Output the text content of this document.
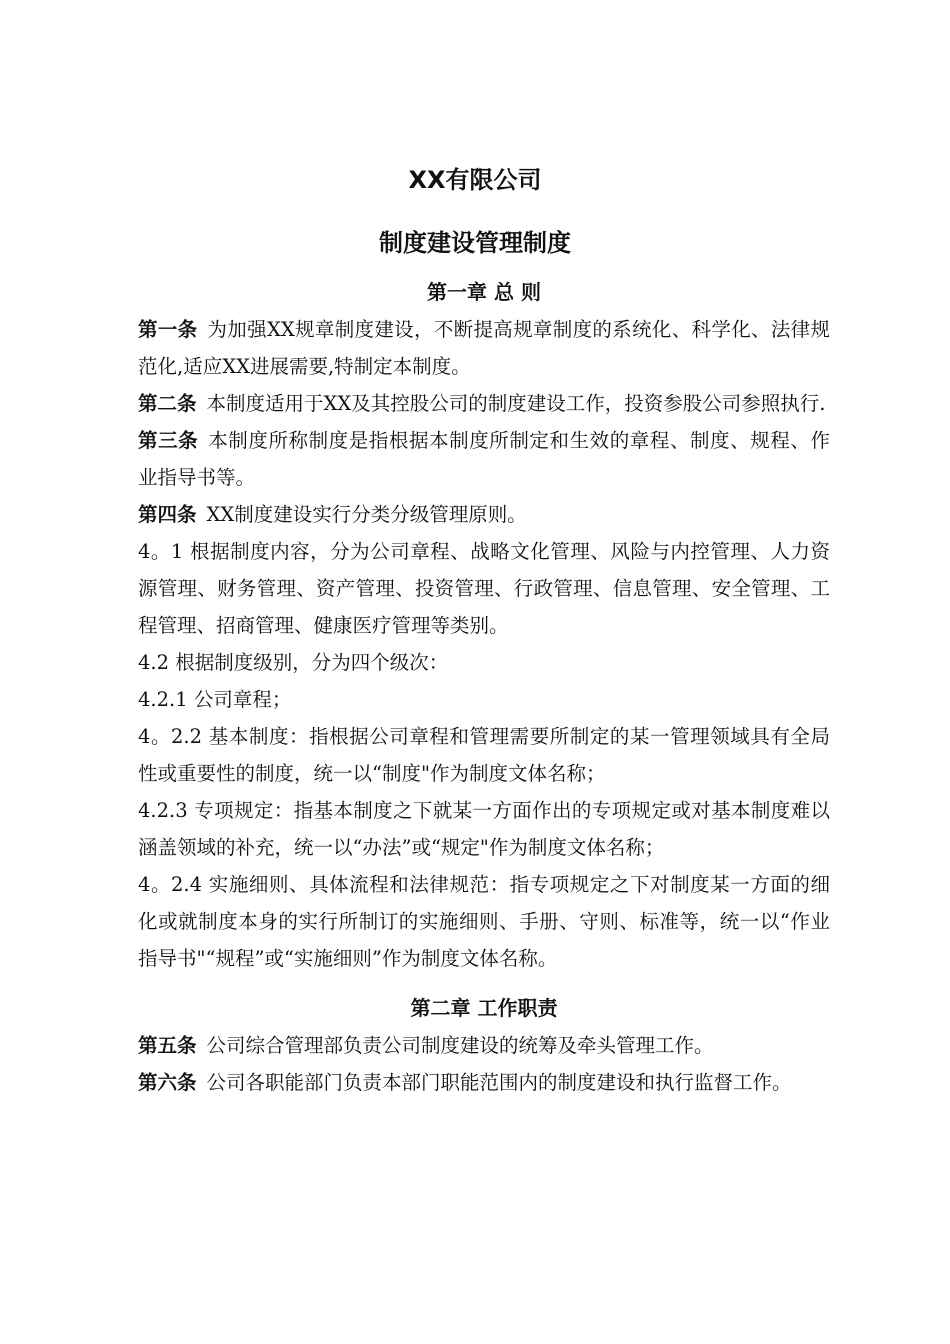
XX有限公司
制度建设管理制度
第一章 总 则

第一条 为加强XX规章制度建设，不断提高规章制度的系统化、科学化、法律规范化,适应XX进展需要,特制定本制度。

第二条 本制度适用于XX及其控股公司的制度建设工作，投资参股公司参照执行.

第三条 本制度所称制度是指根据本制度所制定和生效的章程、制度、规程、作业指导书等。

第四条 XX制度建设实行分类分级管理原则。

4。1 根据制度内容，分为公司章程、战略文化管理、风险与内控管理、人力资源管理、财务管理、资产管理、投资管理、行政管理、信息管理、安全管理、工程管理、招商管理、健康医疗管理等类别。

4.2 根据制度级别，分为四个级次：

4.2.1 公司章程；

4。2.2 基本制度：指根据公司章程和管理需要所制定的某一管理领域具有全局性或重要性的制度，统一以“制度"作为制度文体名称；

4.2.3 专项规定：指基本制度之下就某一方面作出的专项规定或对基本制度难以涵盖领域的补充，统一以“办法”或“规定"作为制度文体名称；

4。2.4 实施细则、具体流程和法律规范：指专项规定之下对制度某一方面的细化或就制度本身的实行所制订的实施细则、手册、守则、标准等，统一以“作业指导书"“规程”或“实施细则”作为制度文体名称。

第二章 工作职责

第五条 公司综合管理部负责公司制度建设的统筹及牵头管理工作。

第六条 公司各职能部门负责本部门职能范围内的制度建设和执行监督工作。
